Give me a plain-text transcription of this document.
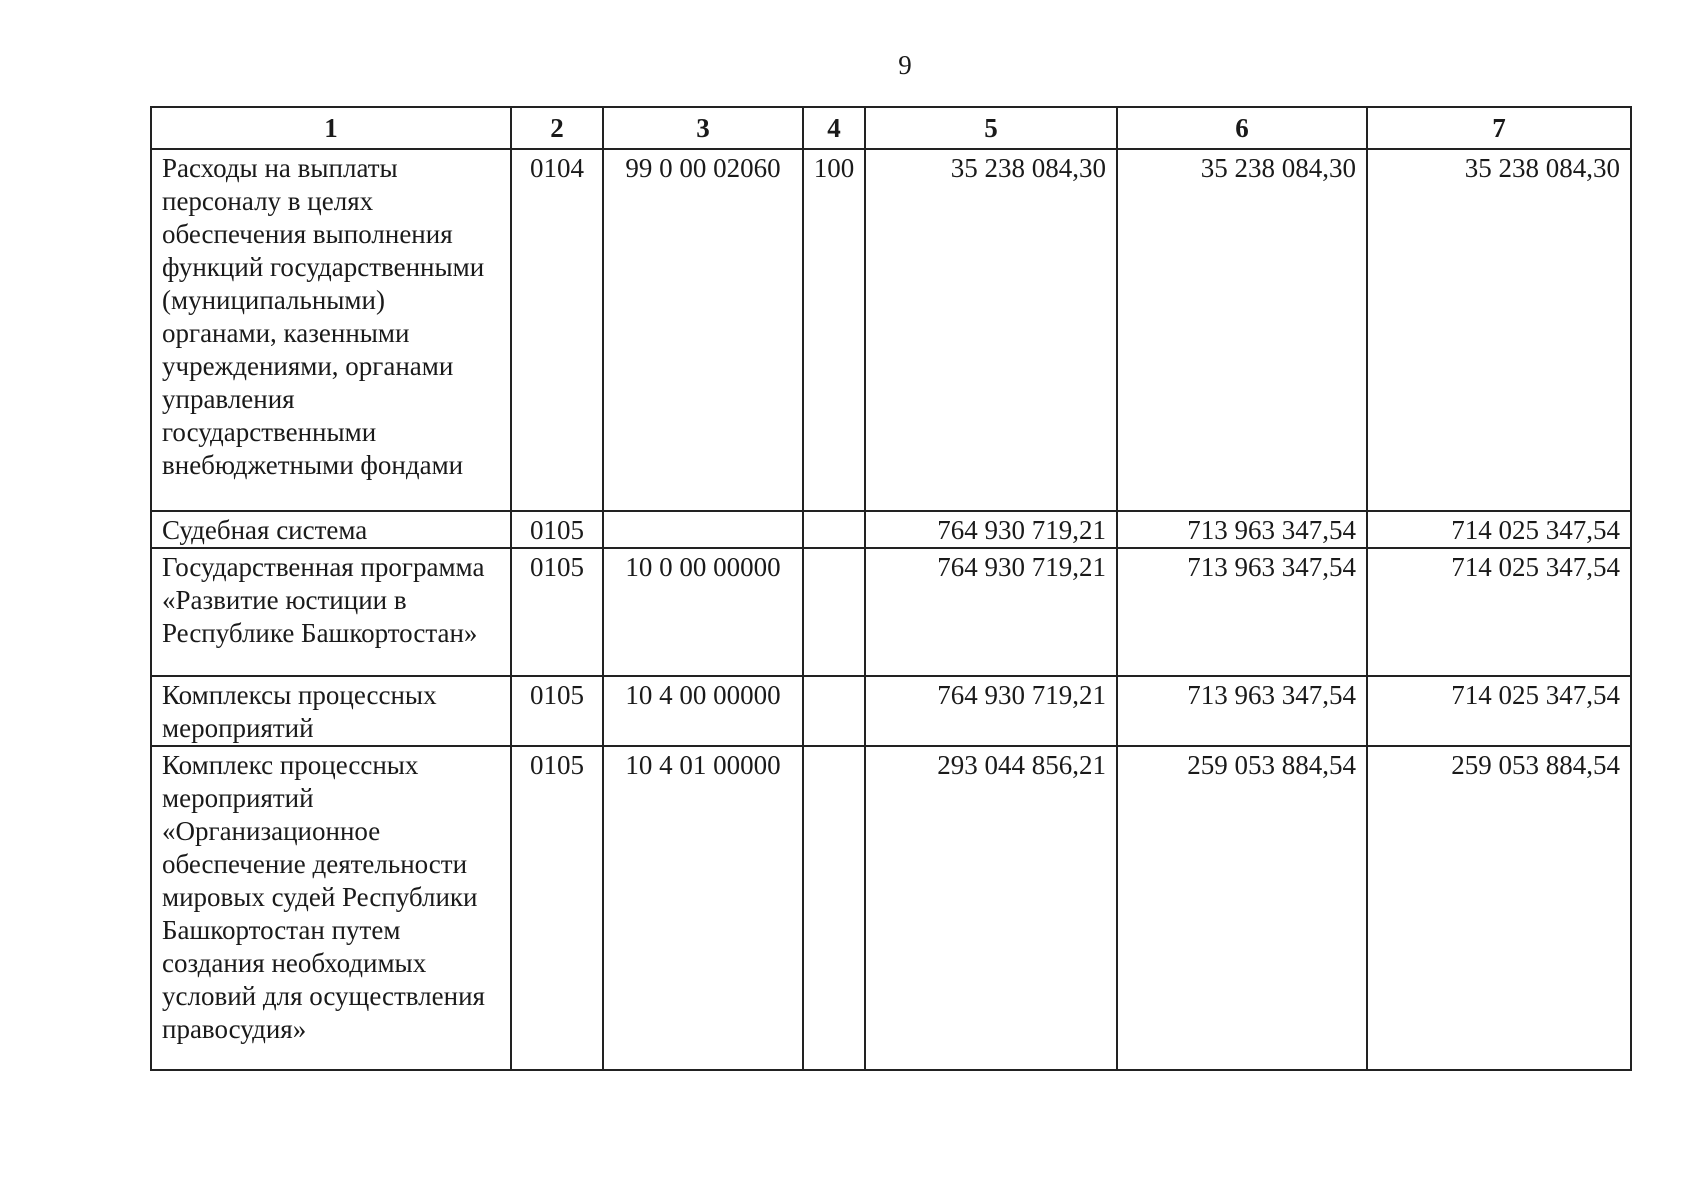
9
1	2	3	4	5	6	7
Расходы на выплаты персоналу в целях обеспечения выполнения функций государственными (муниципальными) органами, казенными учреждениями, органами управления государственными внебюджетными фондами	0104	99 0 00 02060	100	35 238 084,30	35 238 084,30	35 238 084,30
Судебная система	0105			764 930 719,21	713 963 347,54	714 025 347,54
Государственная программа «Развитие юстиции в Республике Башкортостан»	0105	10 0 00 00000		764 930 719,21	713 963 347,54	714 025 347,54
Комплексы процессных мероприятий	0105	10 4 00 00000		764 930 719,21	713 963 347,54	714 025 347,54
Комплекс процессных мероприятий «Организационное обеспечение деятельности мировых судей Республики Башкортостан путем создания необходимых условий для осуществления правосудия»	0105	10 4 01 00000		293 044 856,21	259 053 884,54	259 053 884,54
